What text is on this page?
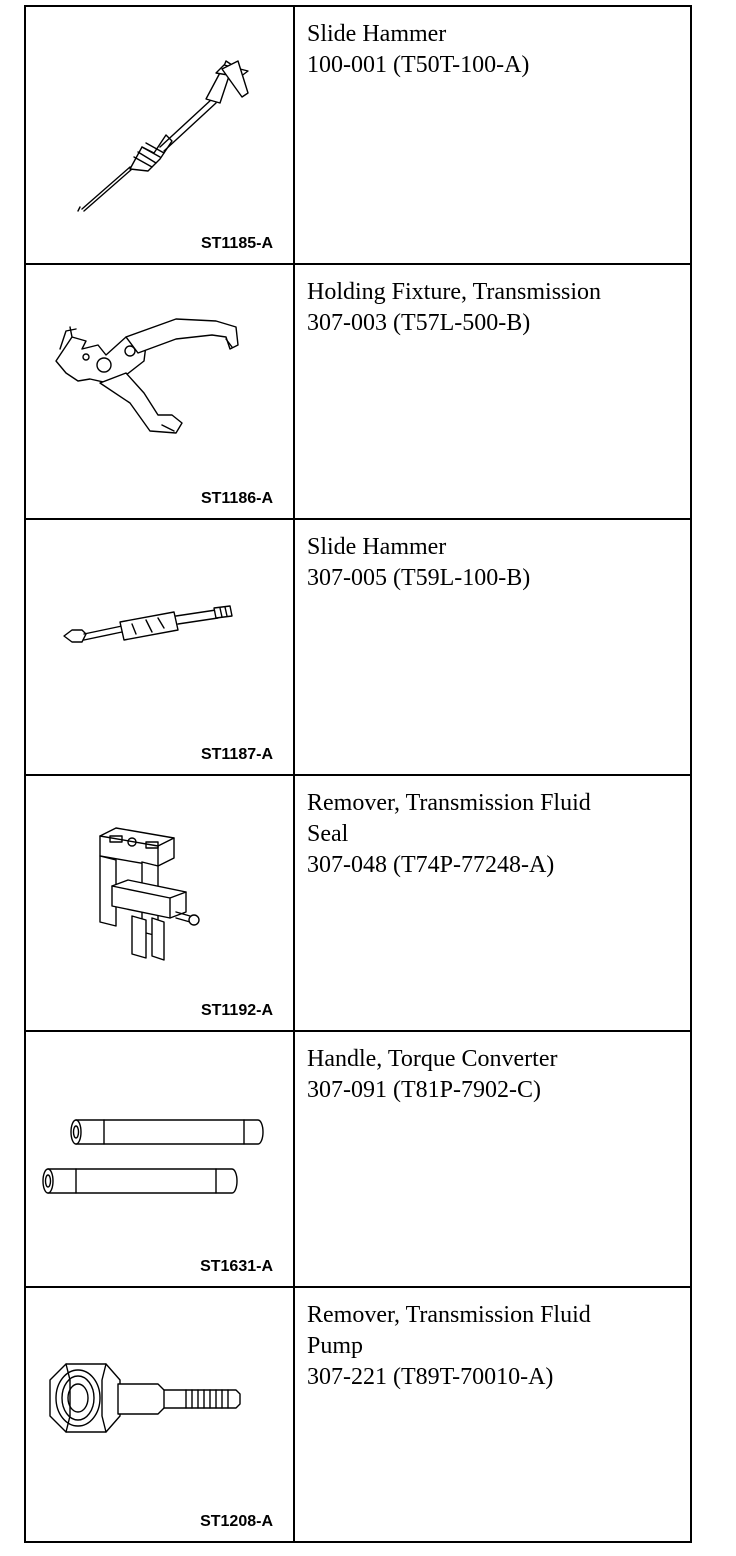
ST1185-A	Slide Hammer
100-001 (T50T-100-A)

ST1186-A	Holding Fixture, Transmission
307-003 (T57L-500-B)

ST1187-A	Slide Hammer
307-005 (T59L-100-B)

ST1192-A	Remover, Transmission Fluid
Seal
307-048 (T74P-77248-A)

ST1631-A	Handle, Torque Converter
307-091 (T81P-7902-C)

ST1208-A	Remover, Transmission Fluid
Pump
307-221 (T89T-70010-A)
